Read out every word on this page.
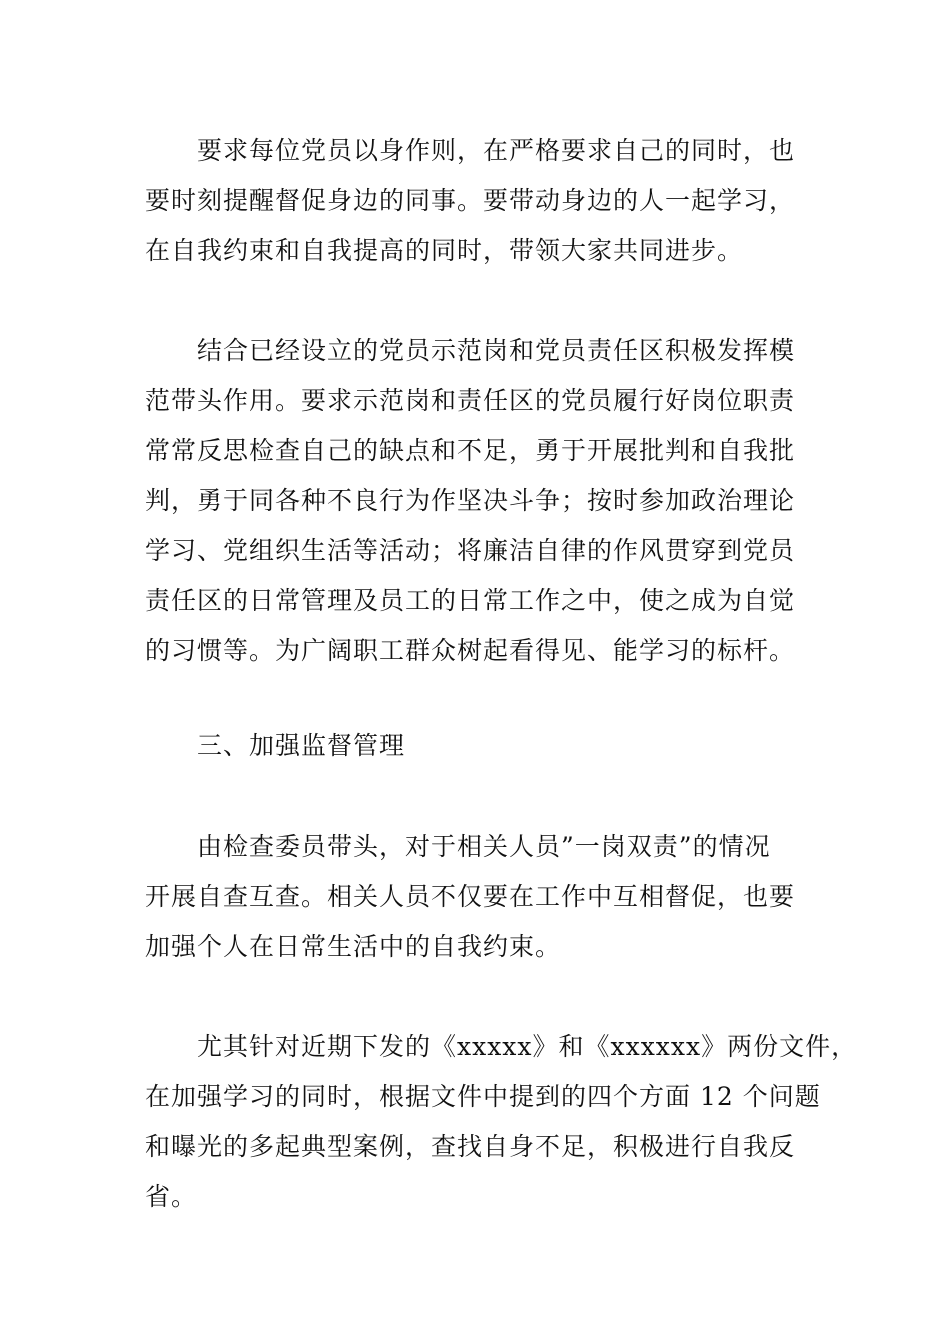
要求每位党员以身作则，在严格要求自己的同时，也
要时刻提醒督促身边的同事。要带动身边的人一起学习，
在自我约束和自我提高的同时，带领大家共同进步。
结合已经设立的党员示范岗和党员责任区积极发挥模
范带头作用。要求示范岗和责任区的党员履行好岗位职责
常常反思检查自己的缺点和不足，勇于开展批判和自我批
判，勇于同各种不良行为作坚决斗争；按时参加政治理论
学习、党组织生活等活动；将廉洁自律的作风贯穿到党员
责任区的日常管理及员工的日常工作之中，使之成为自觉
的习惯等。为广阔职工群众树起看得见、能学习的标杆。
三、加强监督管理
由检查委员带头，对于相关人员”一岗双责”的情况
开展自查互查。相关人员不仅要在工作中互相督促，也要
加强个人在日常生活中的自我约束。
尤其针对近期下发的《xxxxx》和《xxxxxx》两份文件，
在加强学习的同时，根据文件中提到的四个方面 12 个问题
和曝光的多起典型案例，查找自身不足，积极进行自我反
省。
